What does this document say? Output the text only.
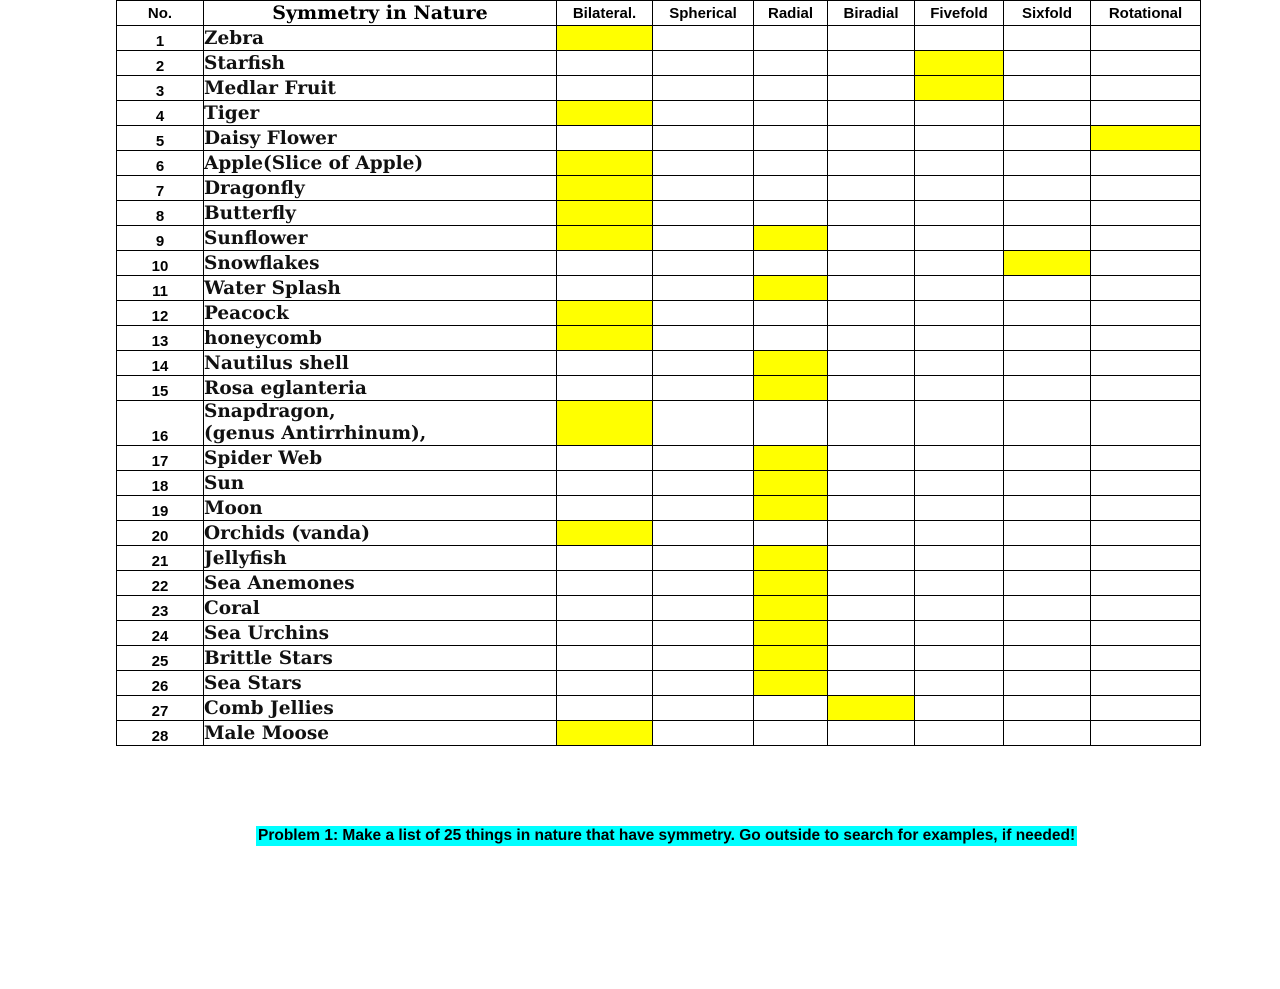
No.	Symmetry in Nature	Bilateral.	Spherical	Radial	Biradial	Fivefold	Sixfold	Rotational
1	Zebra							
2	Starfish							
3	Medlar Fruit							
4	Tiger							
5	Daisy Flower							
6	Apple(Slice of Apple)							
7	Dragonfly							
8	Butterfly							
9	Sunflower							
10	Snowflakes							
11	Water Splash							
12	Peacock							
13	honeycomb							
14	Nautilus shell							
15	Rosa eglanteria							
16	Snapdragon,
(genus Antirrhinum),							
17	Spider Web							
18	Sun							
19	Moon							
20	Orchids (vanda)							
21	Jellyfish							
22	Sea Anemones							
23	Coral							
24	Sea Urchins							
25	Brittle Stars							
26	Sea Stars							
27	Comb Jellies							
28	Male Moose							
Problem 1: Make a list of 25 things in nature that have symmetry. Go outside to search for examples, if needed!
